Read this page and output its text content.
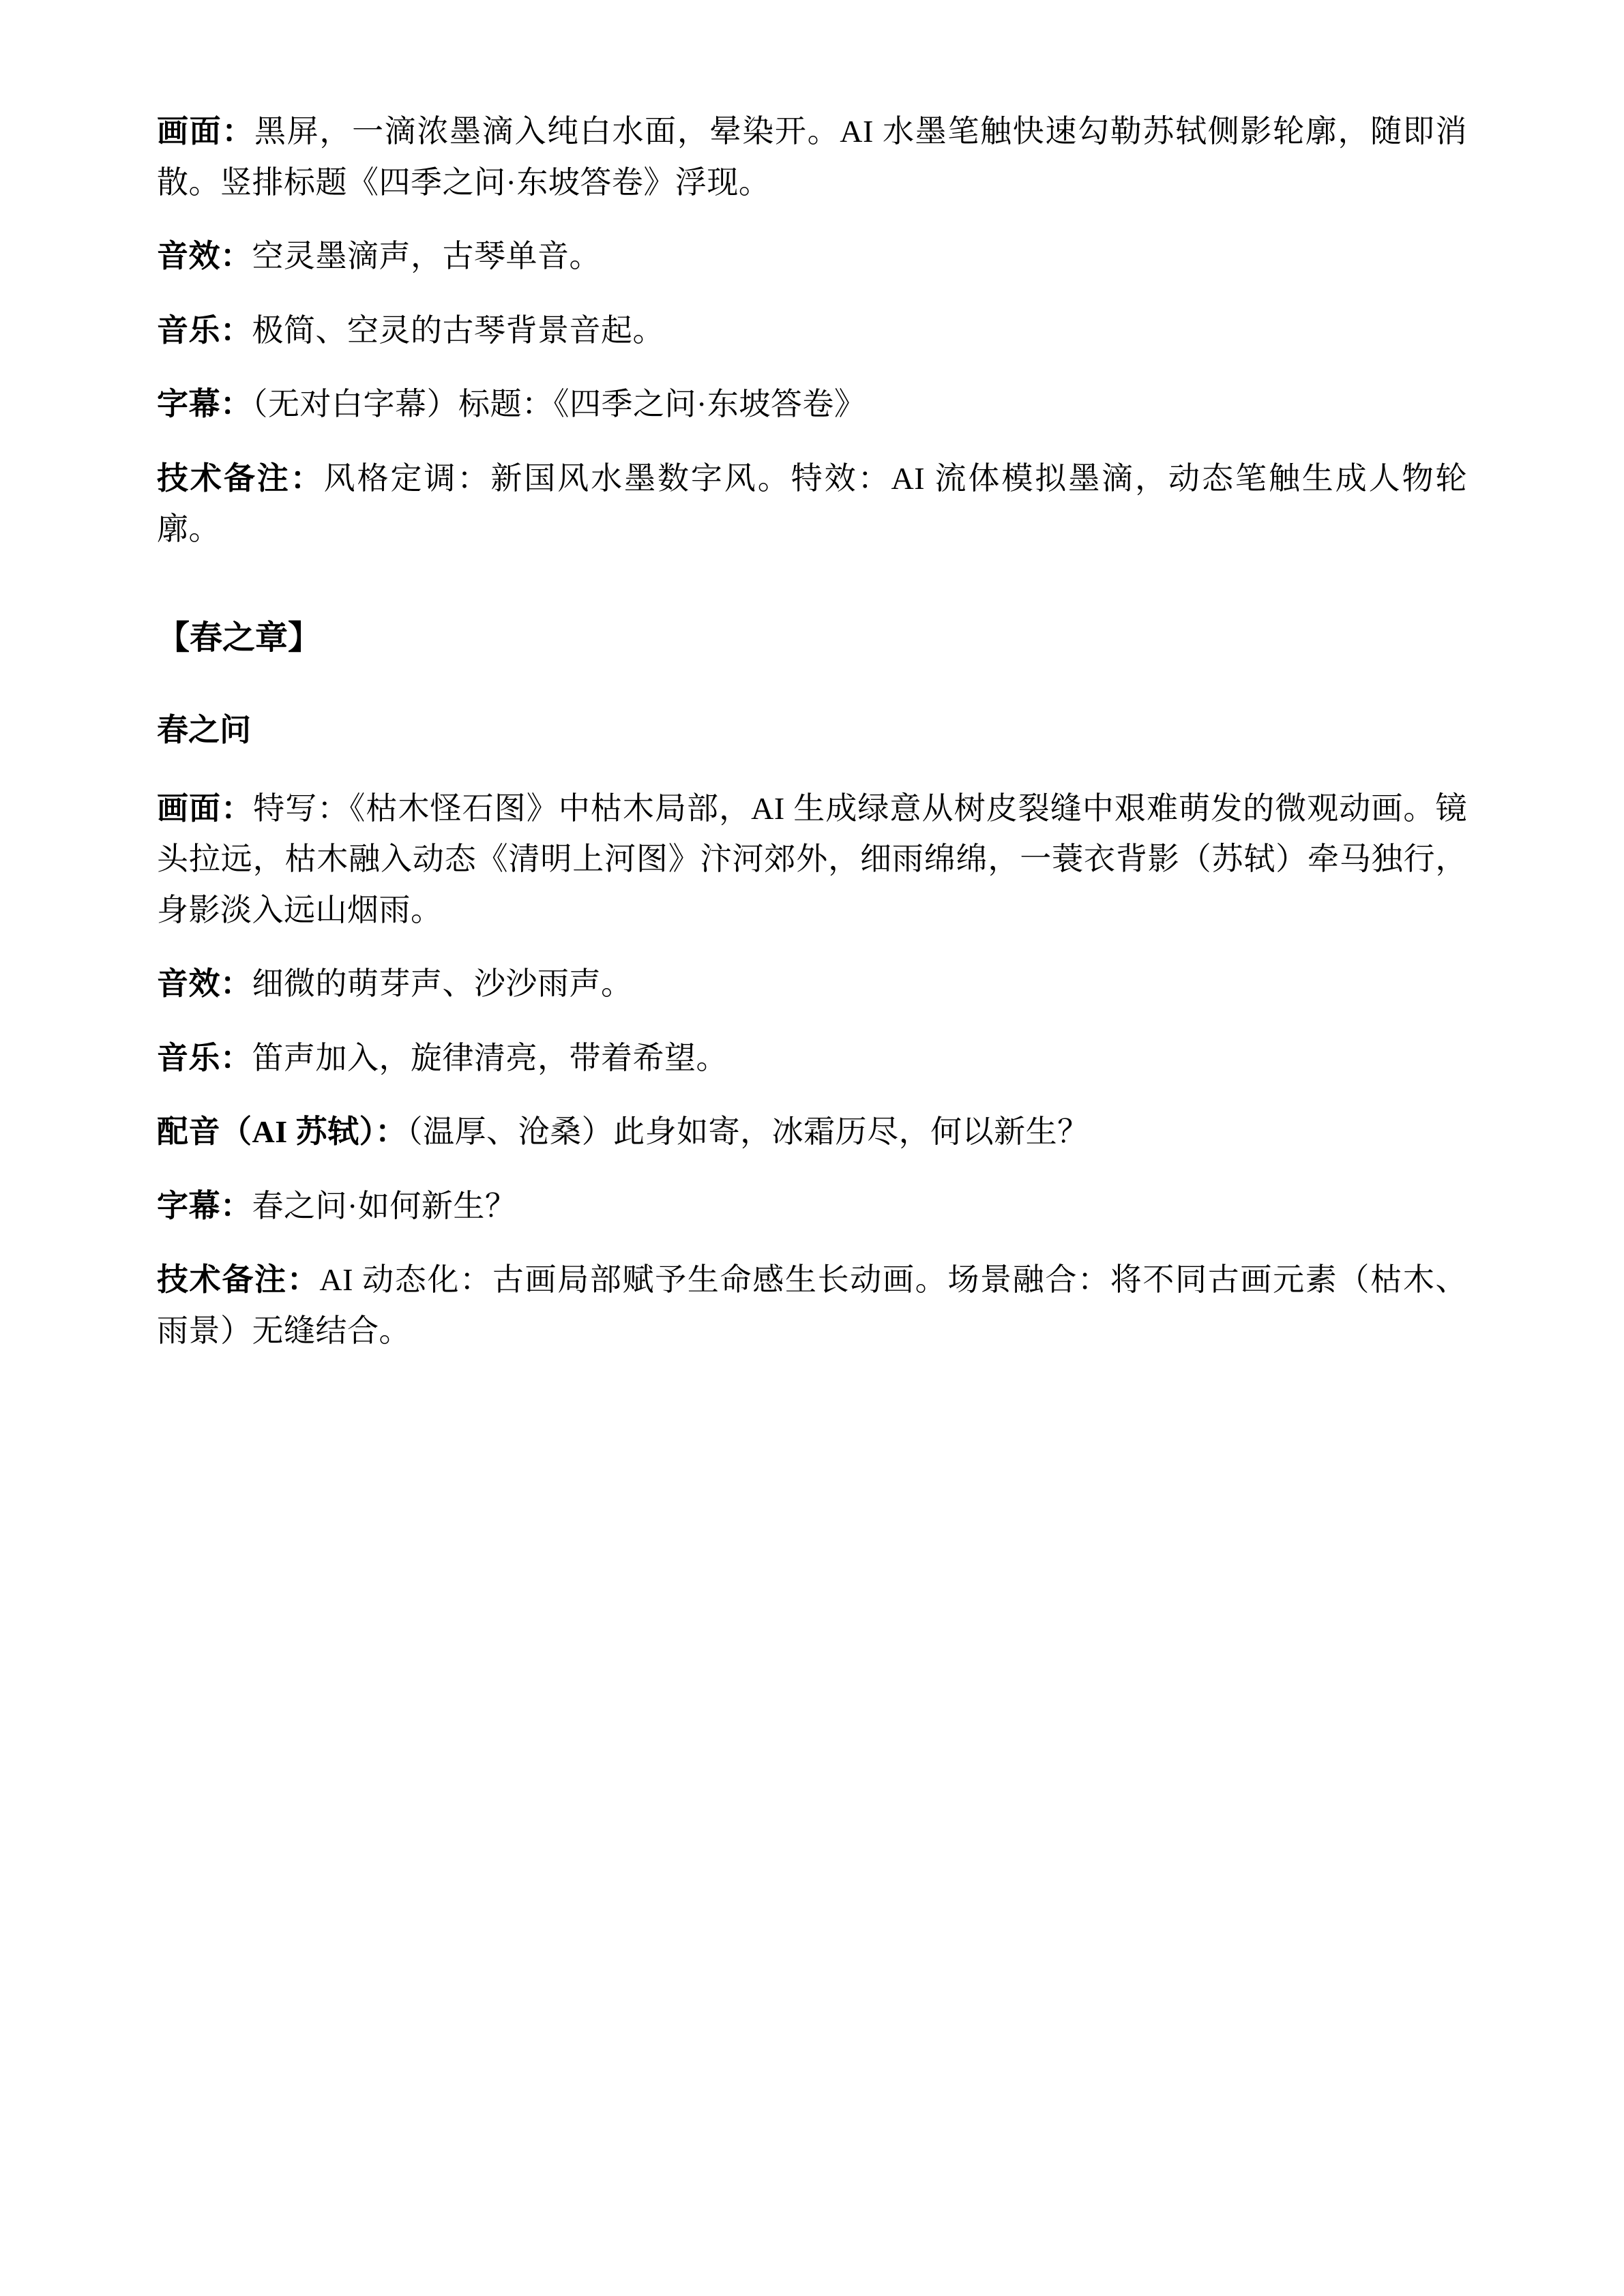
画面：黑屏，一滴浓墨滴入纯白水面，晕染开。AI 水墨笔触快速勾勒苏轼侧影轮廓，随即消散。竖排标题《四季之问·东坡答卷》浮现。

音效：空灵墨滴声，古琴单音。

音乐：极简、空灵的古琴背景音起。

字幕：（无对白字幕）标题：《四季之问·东坡答卷》

技术备注：风格定调：新国风水墨数字风。特效：AI 流体模拟墨滴，动态笔触生成人物轮廓。

【春之章】
春之问

画面：特写：《枯木怪石图》中枯木局部，AI 生成绿意从树皮裂缝中艰难萌发的微观动画。镜头拉远，枯木融入动态《清明上河图》汴河郊外，细雨绵绵，一蓑衣背影（苏轼）牵马独行，身影淡入远山烟雨。

音效：细微的萌芽声、沙沙雨声。

音乐：笛声加入，旋律清亮，带着希望。

配音（AI 苏轼）：（温厚、沧桑）此身如寄，冰霜历尽，何以新生？

字幕：春之问·如何新生？

技术备注：AI 动态化：古画局部赋予生命感生长动画。场景融合：将不同古画元素（枯木、雨景）无缝结合。
